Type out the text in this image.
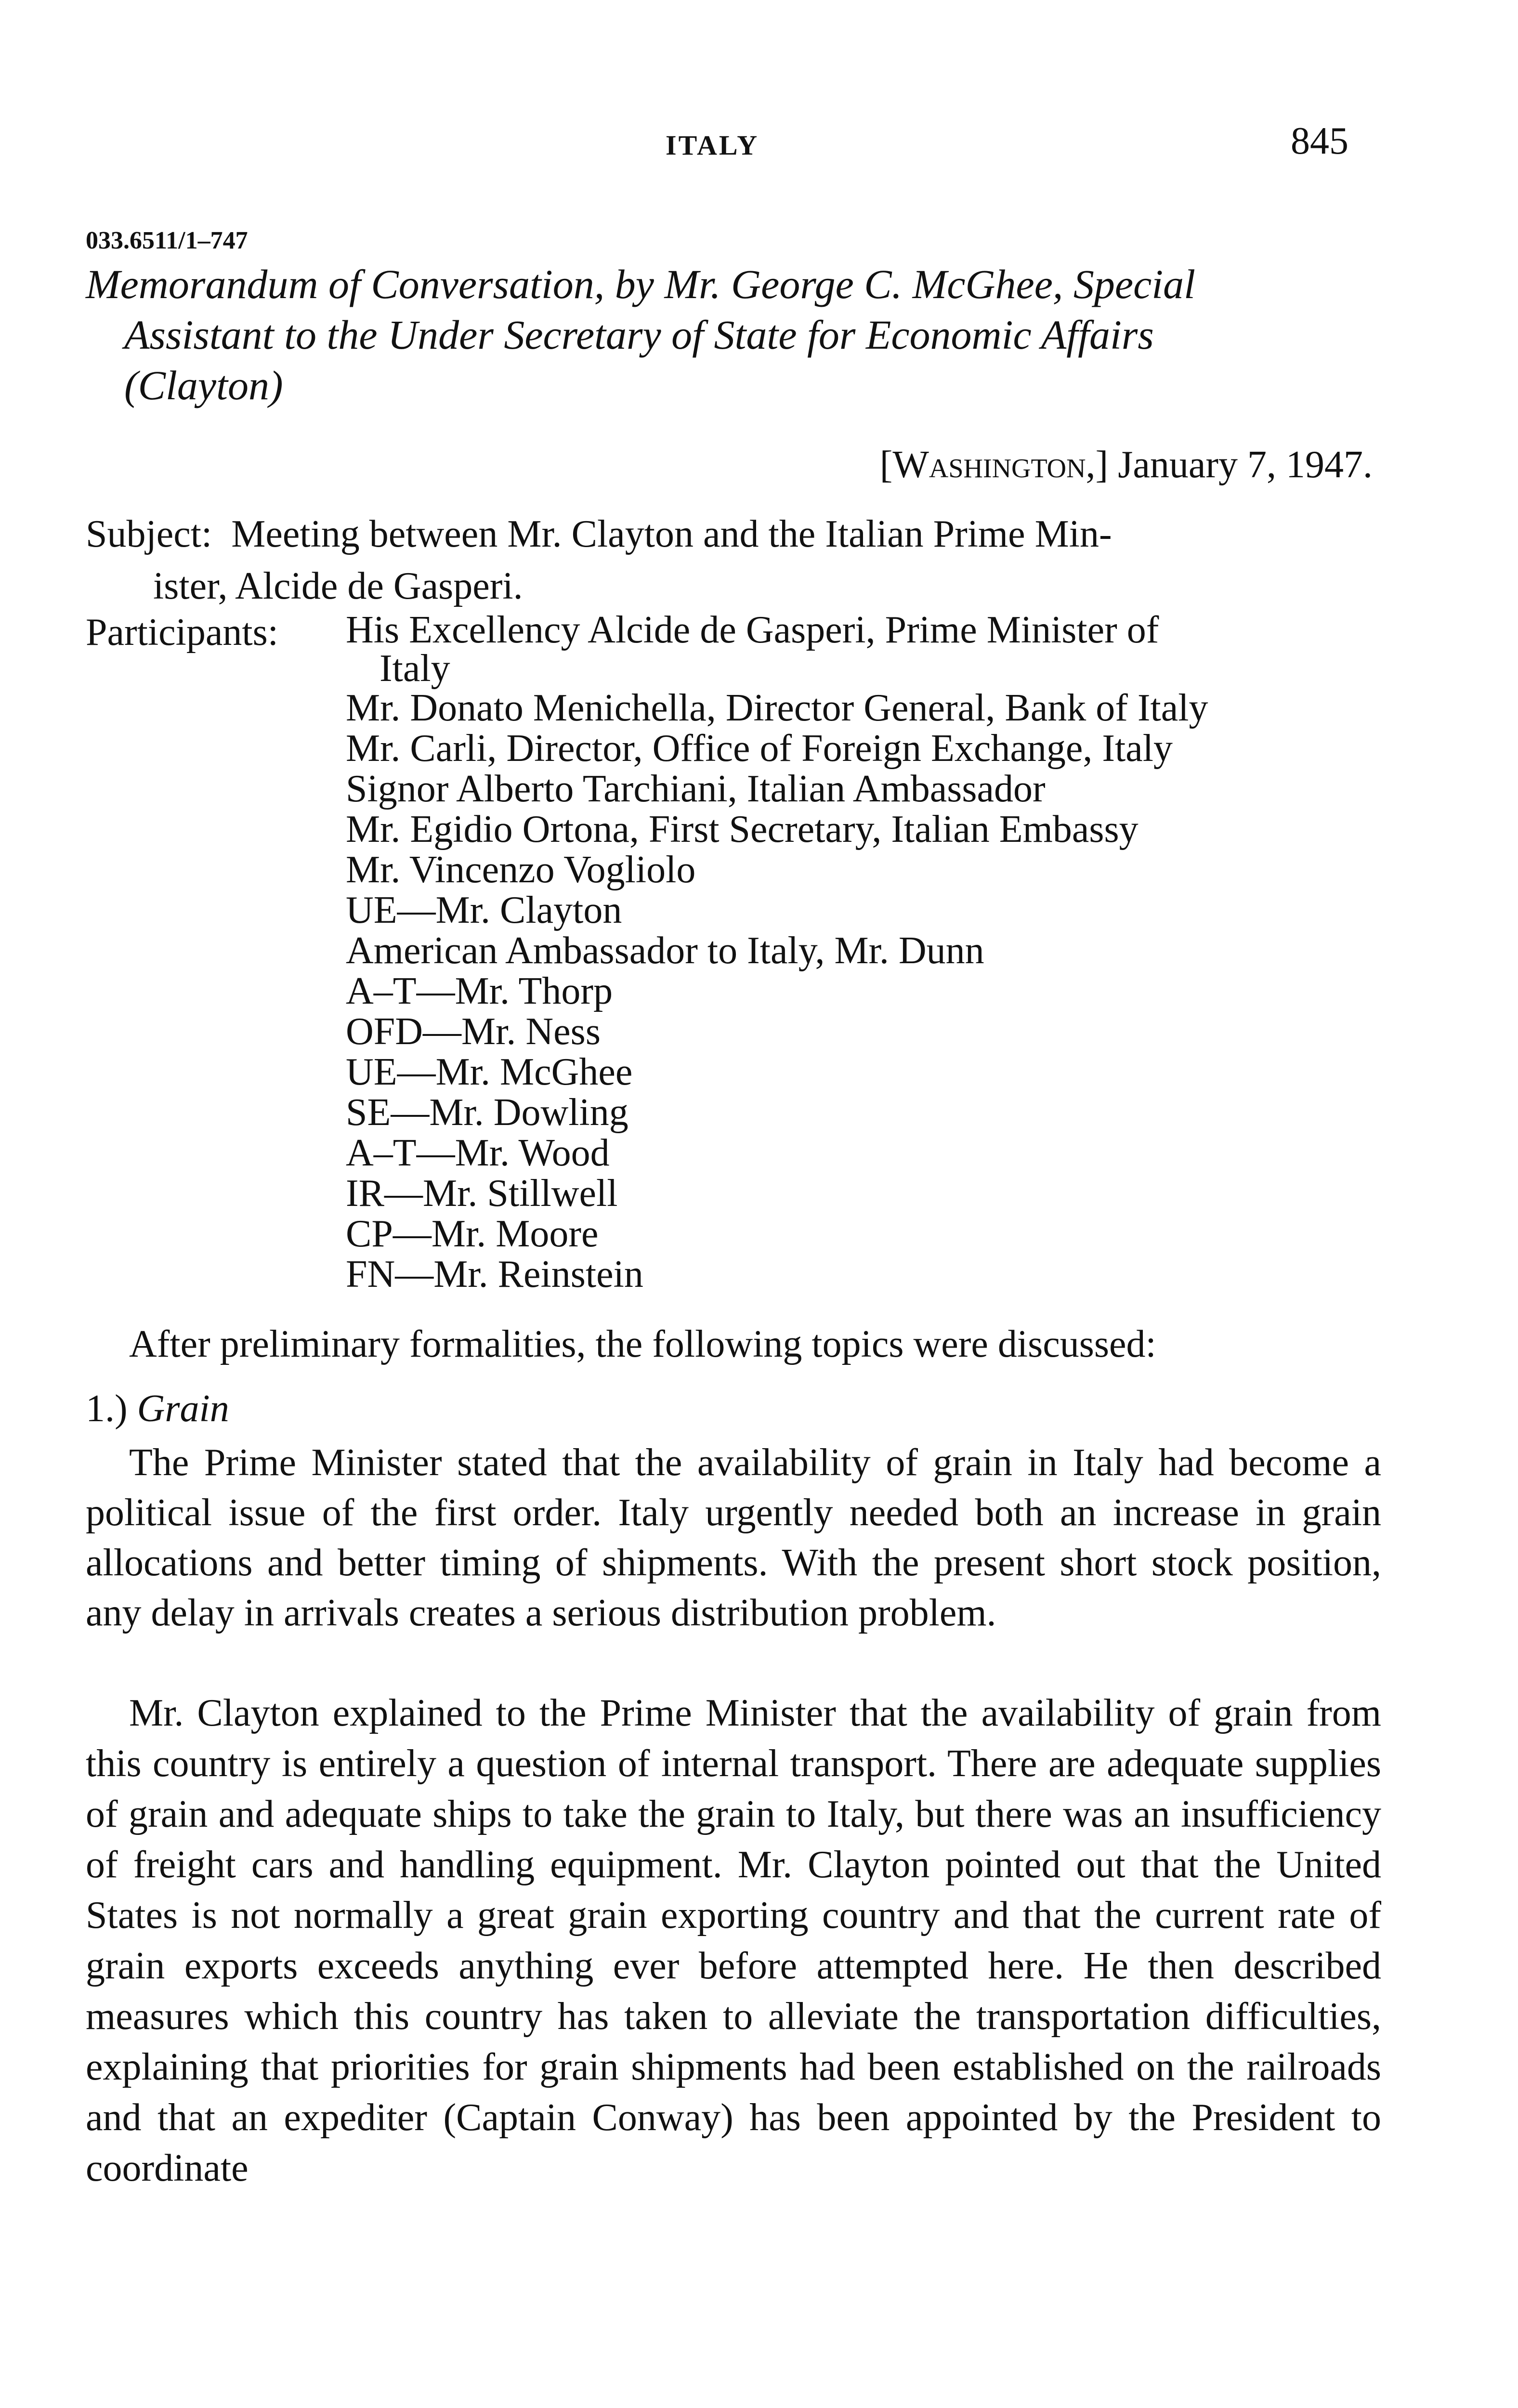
ITALY	845
033.6511/1–747
Memorandum of Conversation, by Mr. George C. McGhee, Special
Assistant to the Under Secretary of State for Economic Affairs
(Clayton)
[Washington,] January 7, 1947.
Subject: Meeting between Mr. Clayton and the Italian Prime Min-
ister, Alcide de Gasperi.
Participants: His Excellency Alcide de Gasperi, Prime Minister of
Italy
Mr. Donato Menichella, Director General, Bank of Italy
Mr. Carli, Director, Office of Foreign Exchange, Italy
Signor Alberto Tarchiani, Italian Ambassador
Mr. Egidio Ortona, First Secretary, Italian Embassy
Mr. Vincenzo Vogliolo
UE—Mr. Clayton
American Ambassador to Italy, Mr. Dunn
A–T—Mr. Thorp
OFD—Mr. Ness
UE—Mr. McGhee
SE—Mr. Dowling
A–T—Mr. Wood
IR—Mr. Stillwell
CP—Mr. Moore
FN—Mr. Reinstein
After preliminary formalities, the following topics were discussed:
1.) Grain
The Prime Minister stated that the availability of grain in Italy had become a political issue of the first order. Italy urgently needed both an increase in grain allocations and better timing of shipments. With the present short stock position, any delay in arrivals creates a serious distribution problem.
Mr. Clayton explained to the Prime Minister that the availability of grain from this country is entirely a question of internal transport. There are adequate supplies of grain and adequate ships to take the grain to Italy, but there was an insufficiency of freight cars and handling equipment. Mr. Clayton pointed out that the United States is not normally a great grain exporting country and that the current rate of grain exports exceeds anything ever before attempted here. He then described measures which this country has taken to alleviate the transportation difficulties, explaining that priorities for grain shipments had been established on the railroads and that an expediter (Captain Conway) has been appointed by the President to coordinate
